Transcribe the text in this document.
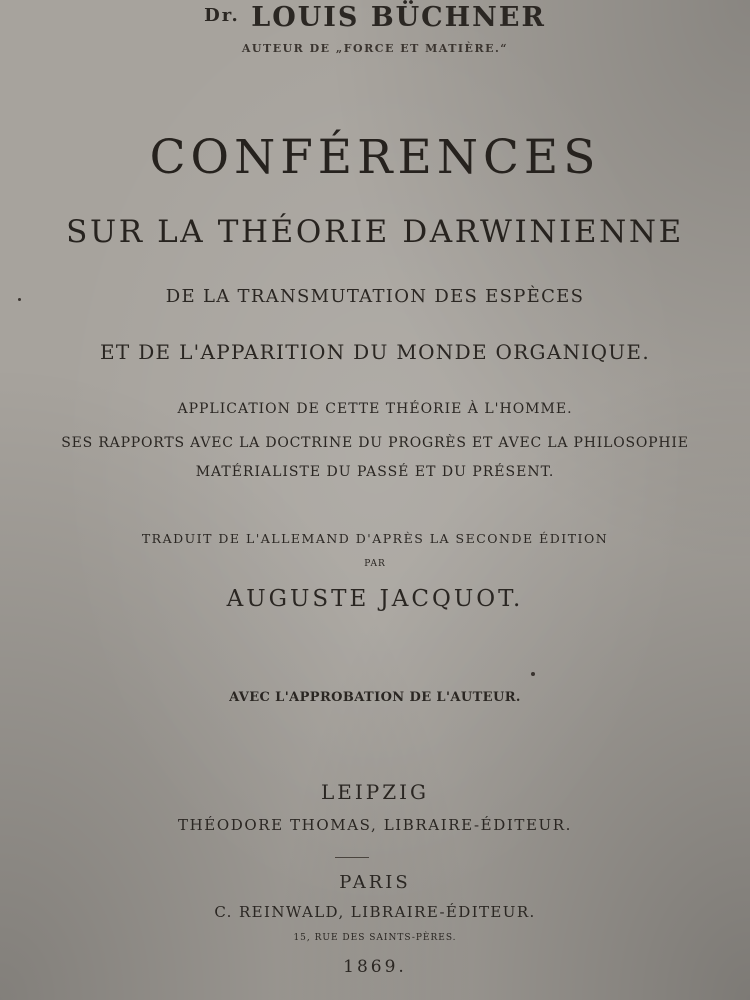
$^{Dr.}$ LOUIS BÜCHNER
AUTEUR DE „FORCE ET MATIÈRE.“
CONFÉRENCES
SUR LA THÉORIE DARWINIENNE
DE LA TRANSMUTATION DES ESPÈCES
ET DE L'APPARITION DU MONDE ORGANIQUE.
APPLICATION DE CETTE THÉORIE À L'HOMME.
SES RAPPORTS AVEC LA DOCTRINE DU PROGRÈS ET AVEC LA PHILOSOPHIE
MATÉRIALISTE DU PASSÉ ET DU PRÉSENT.
TRADUIT DE L'ALLEMAND D'APRÈS LA SECONDE ÉDITION
PAR
AUGUSTE JACQUOT.
AVEC L'APPROBATION DE L'AUTEUR.
LEIPZIG
THÉODORE THOMAS, LIBRAIRE-ÉDITEUR.
PARIS
C. REINWALD, LIBRAIRE-ÉDITEUR.
15, RUE DES SAINTS-PÈRES.
1869.
